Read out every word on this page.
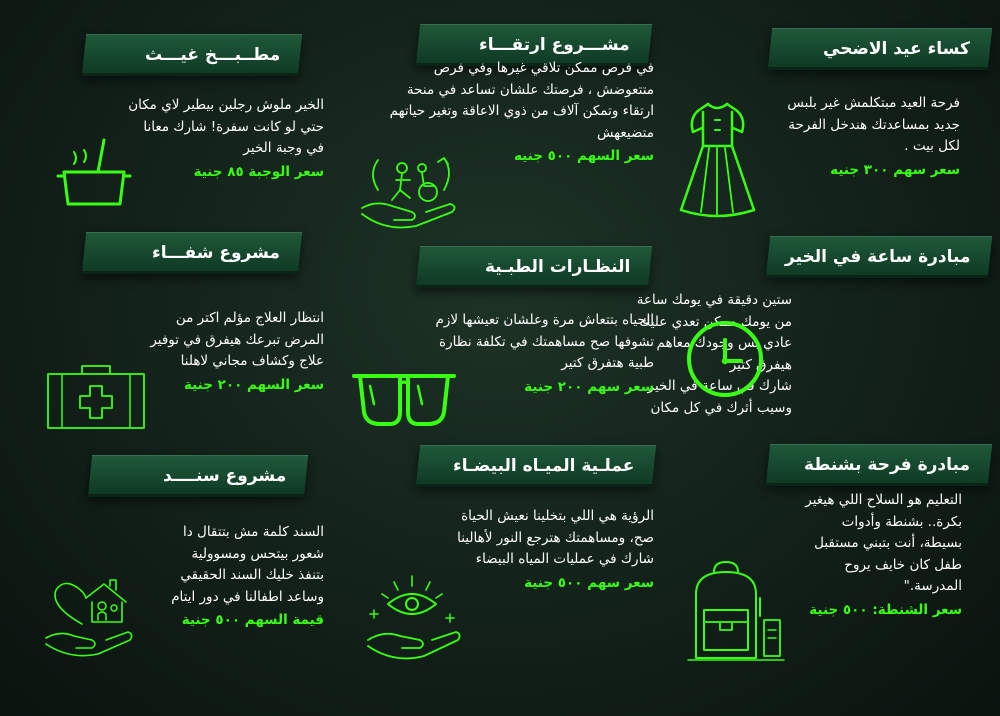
كساء عيد الاضحي

فرحة العيد مبتكلمش غير بلبس

جديد بمساعدتك هندخل الفرحة

لكل بيت .

سعر سهم ٣٠٠ جنيه
مبادرة ساعة في الخير

ستين دقيقة في يومك ساعة

من يومك ممكن تعدي عليك

عادي بس وجودك معاهم

هيفرق كتير

شارك في ساعة في الخير

وسيب أثرك في كل مكان

مبادرة فرحة بشنطة

التعليم هو السلاح اللي هيغير

بكرة.. بشنطة وأدوات

بسيطة، أنت بتبني مستقبل

طفل كان خايف يروح

المدرسة."

سعر الشنطة: ٥٠٠ جنية
مشـــروع ارتقـــاء

في فرص ممكن تلاقي غيرها وفي فرص

متتعوضش ، فرصتك علشان تساعد في منحة

ارتقاء وتمكن آلاف من ذوي الاعاقة وتغير حياتهم

متضيعهش

سعر السهم ٥٠٠ جنيه
النظـارات الطبـية

الحياه بتتعاش مرة وعلشان تعيشها لازم

تشوفها صح مساهمتك في تكلفة نظارة

طبية هتفرق كتير

سعر سهم ٢٠٠ جنية
عملـية الميـاه البيضـاء

الرؤية هي اللي بتخلينا نعيش الحياة

صح، ومساهمتك هترجع النور لأهالينا

شارك في عمليات المياه البيضاء

سعر سهم ٥٠٠ جنية
مطــبـــخ غيـــث

الخير ملوش رجلين بيطير لاي مكان

حتي لو كانت سفرة! شارك معانا

في وجبة الخير

سعر الوجبة ٨٥ جنية
مشروع شفـــاء

انتظار العلاج مؤلم اكتر من

المرض تبرعك هيفرق في توفير

علاج وكشاف مجاني لاهلنا

سعر السهم ٢٠٠ جنية
مشروع سنــــد

السند كلمة مش بتتقال دا

شعور بيتحس ومسوولية

بتنفذ خليك السند الحقيقي

وساعد اطفالنا في دور ايتام

قيمة السهم ٥٠٠ جنية
